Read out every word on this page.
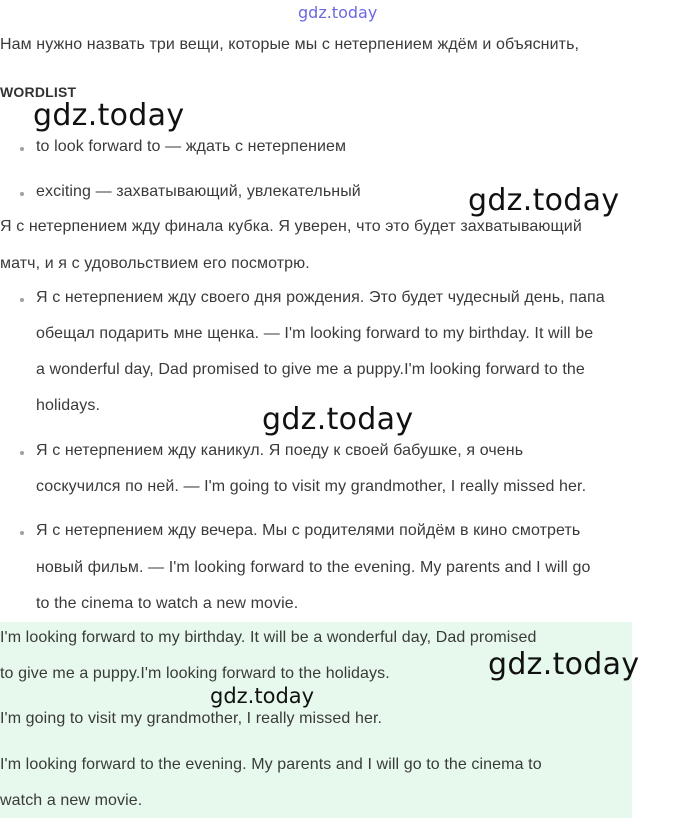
gdz.today
Нам нужно назвать три вещи, которые мы с нетерпением ждём и объяснить,
WORDLIST
to look forward to — ждать с нетерпением
exciting — захватывающий, увлекательный
Я с нетерпением жду финала кубка. Я уверен, что это будет захватывающий
матч, и я с удовольствием его посмотрю.
Я с нетерпением жду своего дня рождения. Это будет чудесный день, папа
обещал подарить мне щенка. — I'm looking forward to my birthday. It will be
a wonderful day, Dad promised to give me a puppy.I'm looking forward to the
holidays.
Я с нетерпением жду каникул. Я поеду к своей бабушке, я очень
соскучился по ней. — I'm going to visit my grandmother, I really missed her.
Я с нетерпением жду вечера. Мы с родителями пойдём в кино смотреть
новый фильм. — I'm looking forward to the evening. My parents and I will go
to the cinema to watch a new movie.
I'm looking forward to my birthday. It will be a wonderful day, Dad promised
to give me a puppy.I'm looking forward to the holidays.
I'm going to visit my grandmother, I really missed her.
I'm looking forward to the evening. My parents and I will go to the cinema to
watch a new movie.
gdz.today
gdz.today
gdz.today
gdz.today
gdz.today
